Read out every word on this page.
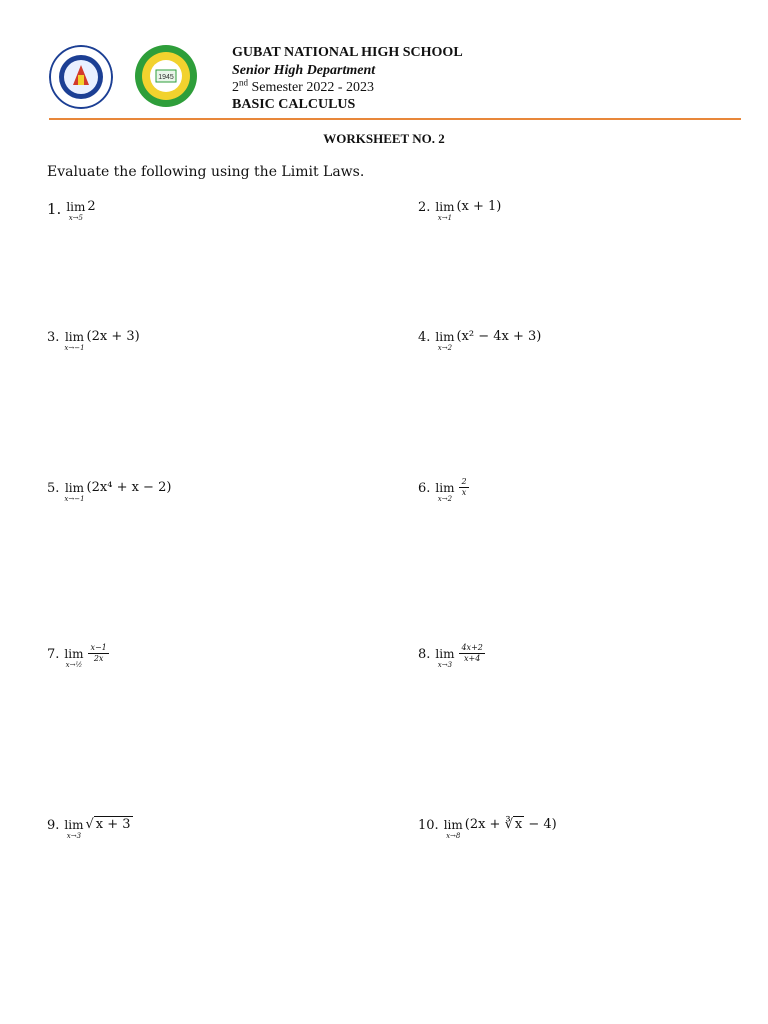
1945
GUBAT NATIONAL HIGH SCHOOL
Senior High Department
2nd Semester 2022 - 2023
BASIC CALCULUS
WORKSHEET NO. 2
Evaluate the following using the Limit Laws.
1. lim
x→5
2	2. lim
x→1
(x + 1)
3. lim
x→−1
(2x + 3)	4. lim
x→2
(x² − 4x + 3)
5. lim
x→−1
(2x⁴ + x − 2)	6. lim
x→2
$\frac{2}{x}$
7. lim
x→½
$\frac{x-1}{2x}$	8. lim
x→3
$\frac{4x+2}{x+4}$
9. lim
x→3
√ x + 3	10. lim
x→8
(2x + ∛ x − 4)
